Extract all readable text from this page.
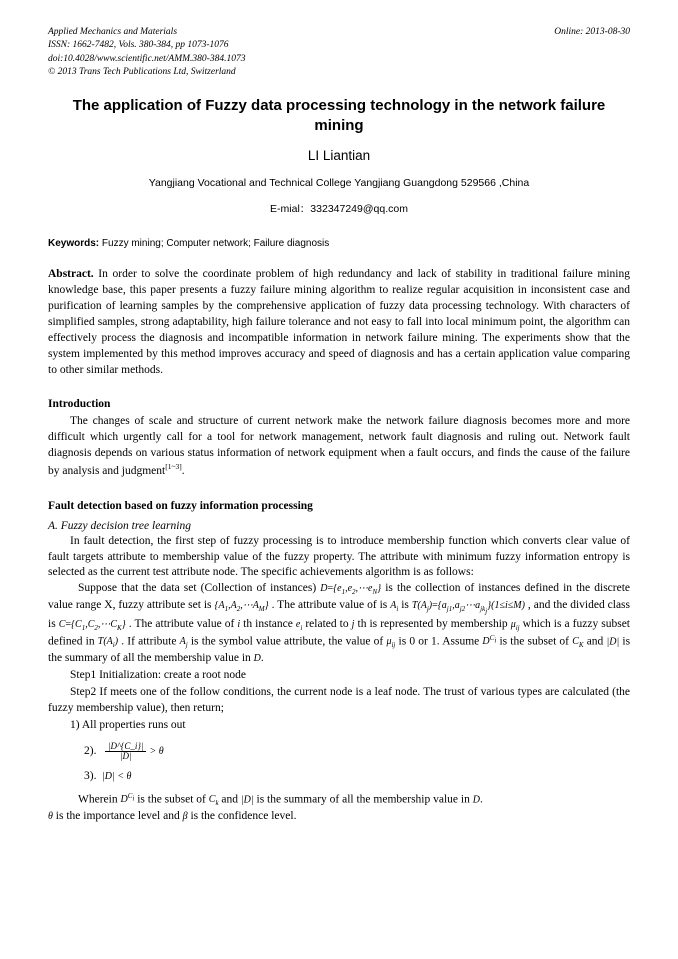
Applied Mechanics and Materials
ISSN: 1662-7482, Vols. 380-384, pp 1073-1076
doi:10.4028/www.scientific.net/AMM.380-384.1073
© 2013 Trans Tech Publications Ltd, Switzerland
Online: 2013-08-30
The application of Fuzzy data processing technology in the network failure mining
LI Liantian
Yangjiang Vocational and Technical College Yangjiang Guangdong 529566 ,China
E-mial：332347249@qq.com
Keywords: Fuzzy mining; Computer network; Failure diagnosis
Abstract. In order to solve the coordinate problem of high redundancy and lack of stability in traditional failure mining knowledge base, this paper presents a fuzzy failure mining algorithm to realize regular acquisition in inconsistent case and purification of learning samples by the comprehensive application of fuzzy data processing technology. With characters of simplified samples, strong adaptability, high failure tolerance and not easy to fall into local minimum point, the algorithm can effectively process the diagnosis and incompatible information in network failure mining. The experiments show that the system implemented by this method improves accuracy and speed of diagnosis and has a certain application value comparing to other similar methods.
Introduction

The changes of scale and structure of current network make the network failure diagnosis becomes more and more difficult which urgently call for a tool for network management, network fault diagnosis and ruling out. Network fault diagnosis depends on various status information of network equipment when a fault occurs, and finds the cause of the failure by analysis and judgment[1~3].

Fault detection based on fuzzy information processing
A. Fuzzy decision tree learning

In fault detection, the first step of fuzzy processing is to introduce membership function which converts clear value of fault targets attribute to membership value of the fuzzy property. The attribute with minimum fuzzy information entropy is selected as the current test attribute node. The specific achievements algorithm is as follows:

Suppose that the data set (Collection of instances) $D=\{e_1,e_2,\cdots e_N\}$ is the collection of instances defined in the discrete value range X, fuzzy attribute set is $\{A_1,A_2,\cdots A_M\}$ . The attribute value of is $A_i$ is $T(A_j)=\{a_{j1},a_{j2}\cdots a_{jk_j}\}(1\le i\le M)$ , and the divided class is $C=\{C_1,C_2,\cdots C_K\}$ . The attribute value of i th instance $e_i$ related to j th is represented by membership $\mu_{ij}$ which is a fuzzy subset defined in $T(A_i)$ . If attribute $A_j$ is the symbol value attribute, the value of $\mu_{ij}$ is 0 or 1. Assume $D^{C_i}$ is the subset of $C_K$ and |D| is the summary of all the membership value in D.

Step1 Initialization: create a root node

Step2 If meets one of the follow conditions, the current node is a leaf node. The trust of various types are calculated (the fuzzy membership value), then return;

1) All properties runs out
2). $\frac{|D\^{}\{C\_i\}|}{|D|} > \theta$
3). |D| < θ

Wherein $D^{C_i}$ is the subset of $C_k$ and |D| is the summary of all the membership value in D.
θ is the importance level and β is the confidence level.
